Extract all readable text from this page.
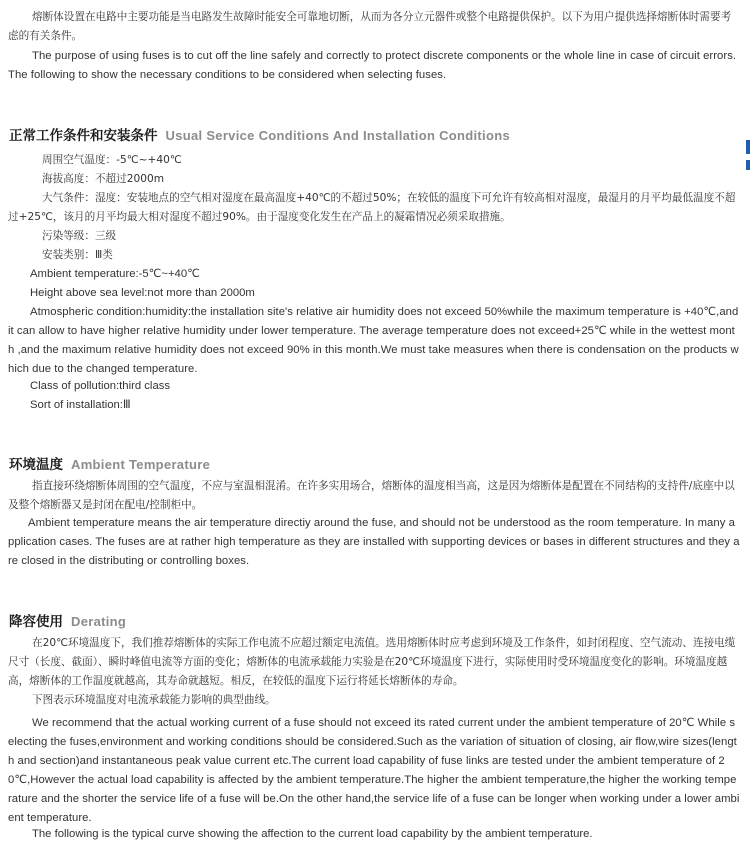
熔断体设置在电路中主要功能是当电路发生故障时能安全可靠地切断，从而为各分立元器件或整个电路提供保护。以下为用户提供选择熔断体时需要考虑的有关条件。

The purpose of using fuses is to cut off the line safely and correctly to protect discrete components or the whole line in case of circuit errors.The following to show the necessary conditions to be considered when selecting fuses.

正常工作条件和安装条件 Usual Service Conditions And Installation Conditions
周围空气温度：-5℃~+40℃
海拔高度：不超过2000m

大气条件：湿度：安装地点的空气相对湿度在最高温度+40℃的不超过50%；在较低的温度下可允许有较高相对湿度，最湿月的月平均最低温度不超过+25℃，该月的月平均最大相对湿度不超过90%。由于湿度变化发生在产品上的凝霜情况必须采取措施。

污染等级：三级
安装类别：Ⅲ类
Ambient temperature:-5℃~+40℃
Height above sea level:not more than 2000m

Atmospheric condition:humidity:the installation site's relative air humidity does not exceed 50%while the maximum temperature is +40℃,and it can allow to have higher relative humidity under lower temperature. The average temperature does not exceed+25℃ while in the wettest month ,and the maximum relative humidity does not exceed 90% in this month.We must take measures when there is condensation on the products which due to the changed temperature.

Class of pollution:third class
Sort of installation:Ⅲ
环境温度 Ambient Temperature

指直接环绕熔断体周围的空气温度，不应与室温相混淆。在许多实用场合，熔断体的温度相当高，这是因为熔断体是配置在不同结构的支持件/底座中以及整个熔断器又是封闭在配电/控制柜中。

Ambient temperature means the air temperature directiy around the fuse, and should not be understood as the room temperature. In many application cases. The fuses are at rather high temperature as they are installed with supporting devices or bases in different structures and they are closed in the distributing or controlling boxes.

降容使用 Derating

在20℃环境温度下，我们推荐熔断体的实际工作电流不应超过额定电流值。选用熔断体时应考虑到环境及工作条件，如封闭程度、空气流动、连接电缆尺寸（长度、截面）、瞬时峰值电流等方面的变化；熔断体的电流承载能力实验是在20℃环境温度下进行，实际使用时受环境温度变化的影响。环境温度越高，熔断体的工作温度就越高，其寿命就越短。相反，在较低的温度下运行将延长熔断体的寿命。

下图表示环境温度对电流承载能力影响的典型曲线。

We recommend that the actual working current of a fuse should not exceed its rated current under the ambient temperature of 20℃ While selecting the fuses,environment and working conditions should be considered.Such as the variation of situation of closing, air flow,wire sizes(length and section)and instantaneous peak value current etc.The current load capability of fuse links are tested under the ambient temperature of 20℃,However the actual load capability is affected by the ambient temperature.The higher the ambient temperature,the higher the working temperature and the shorter the service life of a fuse will be.On the other hand,the service life of a fuse can be longer when working under a lower ambient temperature.

The following is the typical curve showing the affection to the current load capability by the ambient temperature.
